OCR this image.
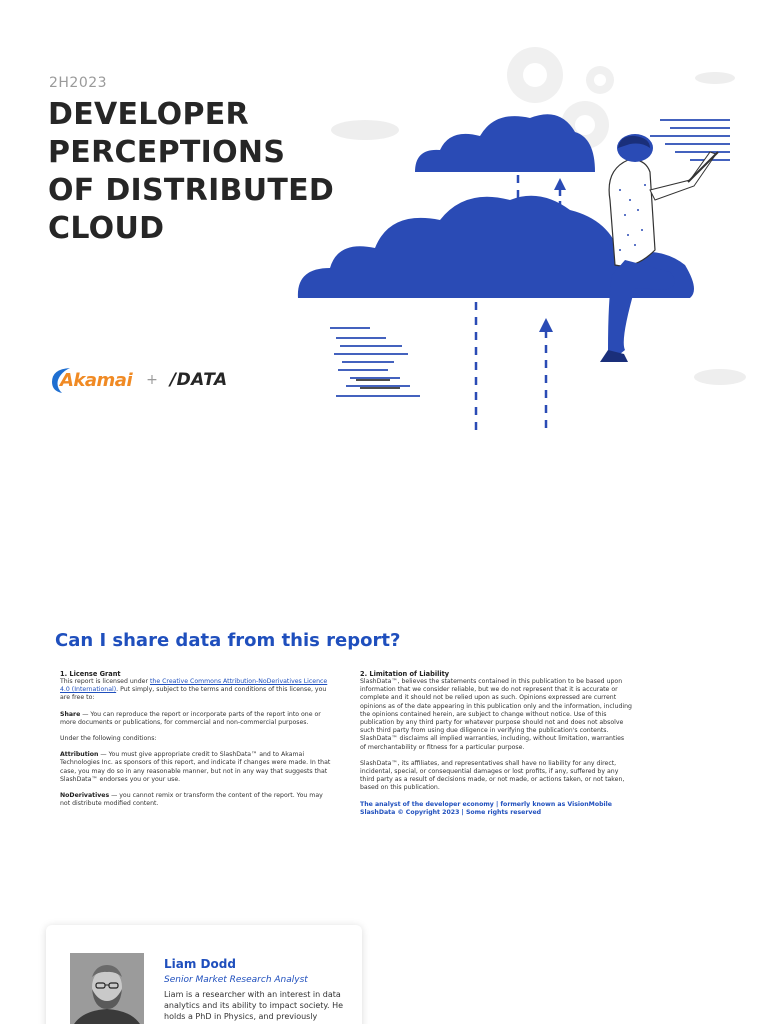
2H2023
DEVELOPER
PERCEPTIONS
OF DISTRIBUTED
CLOUD
Akamai + /DATA
Can I share data from this report?
1. License Grant

This report is licensed under the Creative Commons Attribution-NoDerivatives Licence 4.0 (International). Put simply, subject to the terms and conditions of this license, you are free to:

Share — You can reproduce the report or incorporate parts of the report into one or more documents or publications, for commercial and non-commercial purposes.

Under the following conditions:

Attribution — You must give appropriate credit to SlashData™ and to Akamai Technologies Inc. as sponsors of this report, and indicate if changes were made. In that case, you may do so in any reasonable manner, but not in any way that suggests that SlashData™ endorses you or your use.

NoDerivatives — you cannot remix or transform the content of the report. You may not distribute modified content.

2. Limitation of Liability

SlashData™, believes the statements contained in this publication to be based upon information that we consider reliable, but we do not represent that it is accurate or complete and it should not be relied upon as such. Opinions expressed are current opinions as of the date appearing in this publication only and the information, including the opinions contained herein, are subject to change without notice. Use of this publication by any third party for whatever purpose should not and does not absolve such third party from using due diligence in verifying the publication's contents. SlashData™ disclaims all implied warranties, including, without limitation, warranties of merchantability or fitness for a particular purpose.

SlashData™, its affiliates, and representatives shall have no liability for any direct, incidental, special, or consequential damages or lost profits, if any, suffered by any third party as a result of decisions made, or not made, or actions taken, or not taken, based on this publication.

The analyst of the developer economy | formerly known as VisionMobile
SlashData © Copyright 2023 | Some rights reserved
Liam Dodd
Senior Market Research Analyst
Liam is a researcher with an interest in data analytics and its ability to impact society. He holds a PhD in Physics, and previously
